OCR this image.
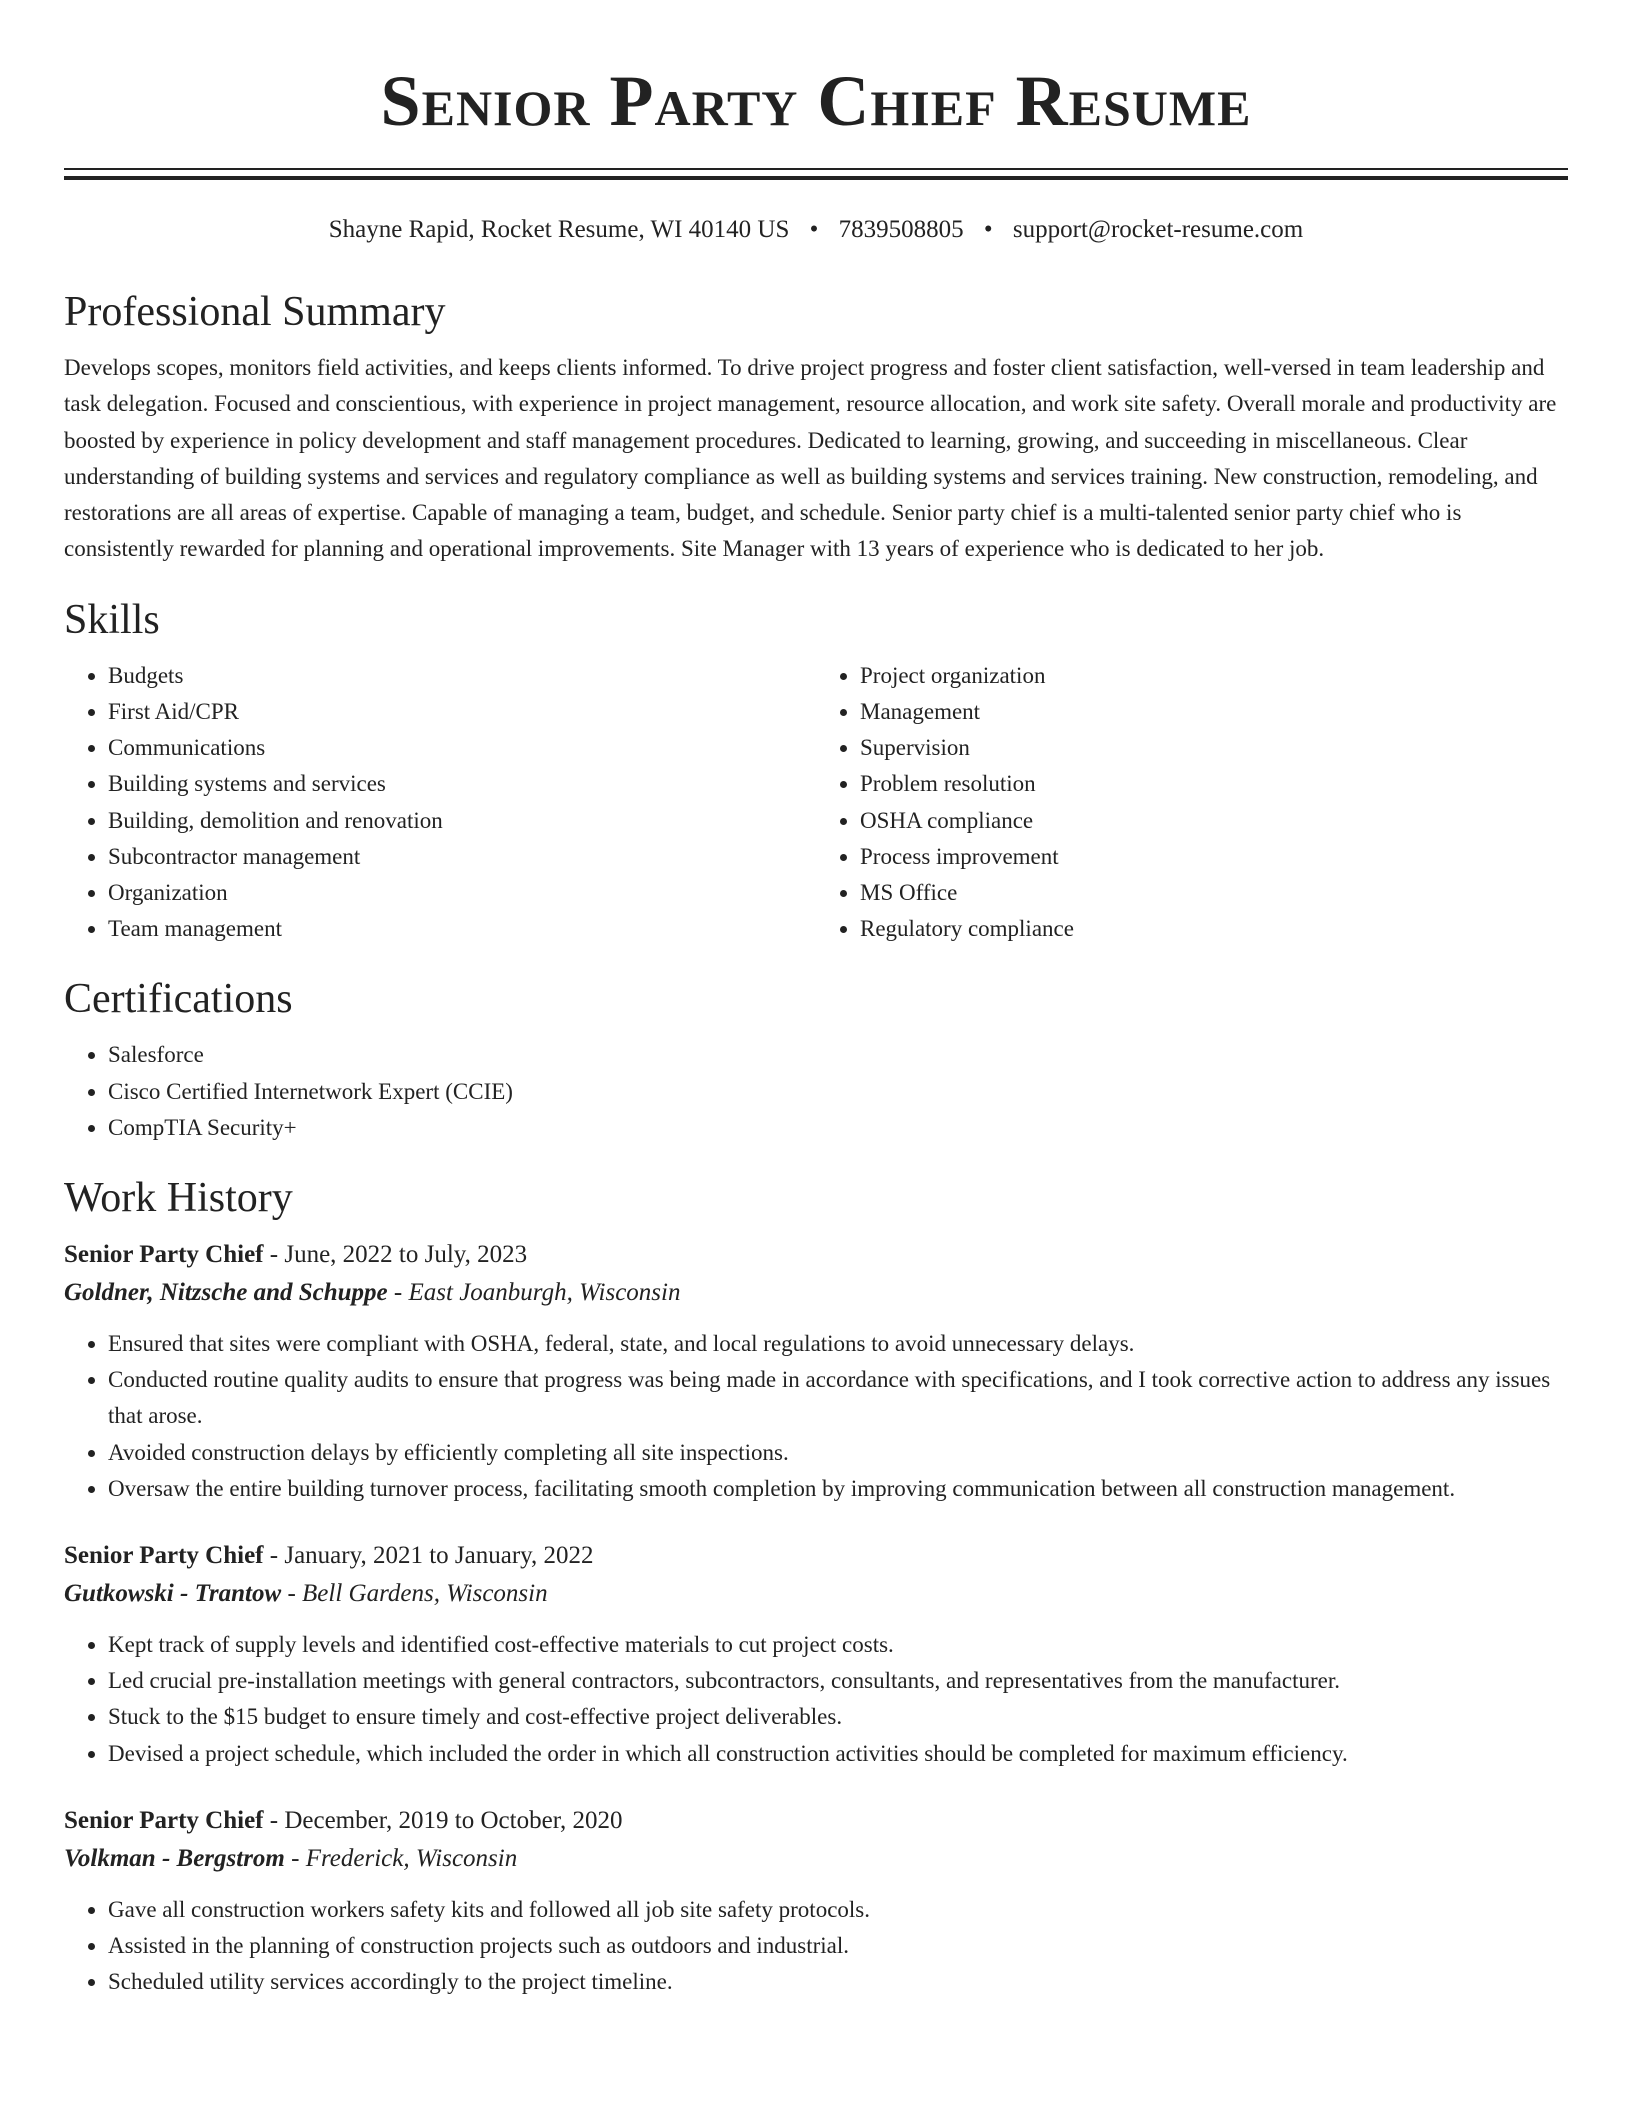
Senior Party Chief Resume
Shayne Rapid, Rocket Resume, WI 40140 US • 7839508805 • support@rocket-resume.com
Professional Summary

Develops scopes, monitors field activities, and keeps clients informed. To drive project progress and foster client satisfaction, well-versed in team leadership and task delegation. Focused and conscientious, with experience in project management, resource allocation, and work site safety. Overall morale and productivity are boosted by experience in policy development and staff management procedures. Dedicated to learning, growing, and succeeding in miscellaneous. Clear understanding of building systems and services and regulatory compliance as well as building systems and services training. New construction, remodeling, and restorations are all areas of expertise. Capable of managing a team, budget, and schedule. Senior party chief is a multi-talented senior party chief who is consistently rewarded for planning and operational improvements. Site Manager with 13 years of experience who is dedicated to her job.

Skills
• Budgets
• First Aid/CPR
• Communications
• Building systems and services
• Building, demolition and renovation
• Subcontractor management
• Organization
• Team management
• Project organization
• Management
• Supervision
• Problem resolution
• OSHA compliance
• Process improvement
• MS Office
• Regulatory compliance
Certifications
• Salesforce
• Cisco Certified Internetwork Expert (CCIE)
• CompTIA Security+
Work History
Senior Party Chief - June, 2022 to July, 2023
Goldner, Nitzsche and Schuppe - East Joanburgh, Wisconsin
• Ensured that sites were compliant with OSHA, federal, state, and local regulations to avoid unnecessary delays.
• Conducted routine quality audits to ensure that progress was being made in accordance with specifications, and I took corrective action to address any issues that arose.
• Avoided construction delays by efficiently completing all site inspections.
• Oversaw the entire building turnover process, facilitating smooth completion by improving communication between all construction management.
Senior Party Chief - January, 2021 to January, 2022
Gutkowski - Trantow - Bell Gardens, Wisconsin
• Kept track of supply levels and identified cost-effective materials to cut project costs.
• Led crucial pre-installation meetings with general contractors, subcontractors, consultants, and representatives from the manufacturer.
• Stuck to the $15 budget to ensure timely and cost-effective project deliverables.
• Devised a project schedule, which included the order in which all construction activities should be completed for maximum efficiency.
Senior Party Chief - December, 2019 to October, 2020
Volkman - Bergstrom - Frederick, Wisconsin
• Gave all construction workers safety kits and followed all job site safety protocols.
• Assisted in the planning of construction projects such as outdoors and industrial.
• Scheduled utility services accordingly to the project timeline.
